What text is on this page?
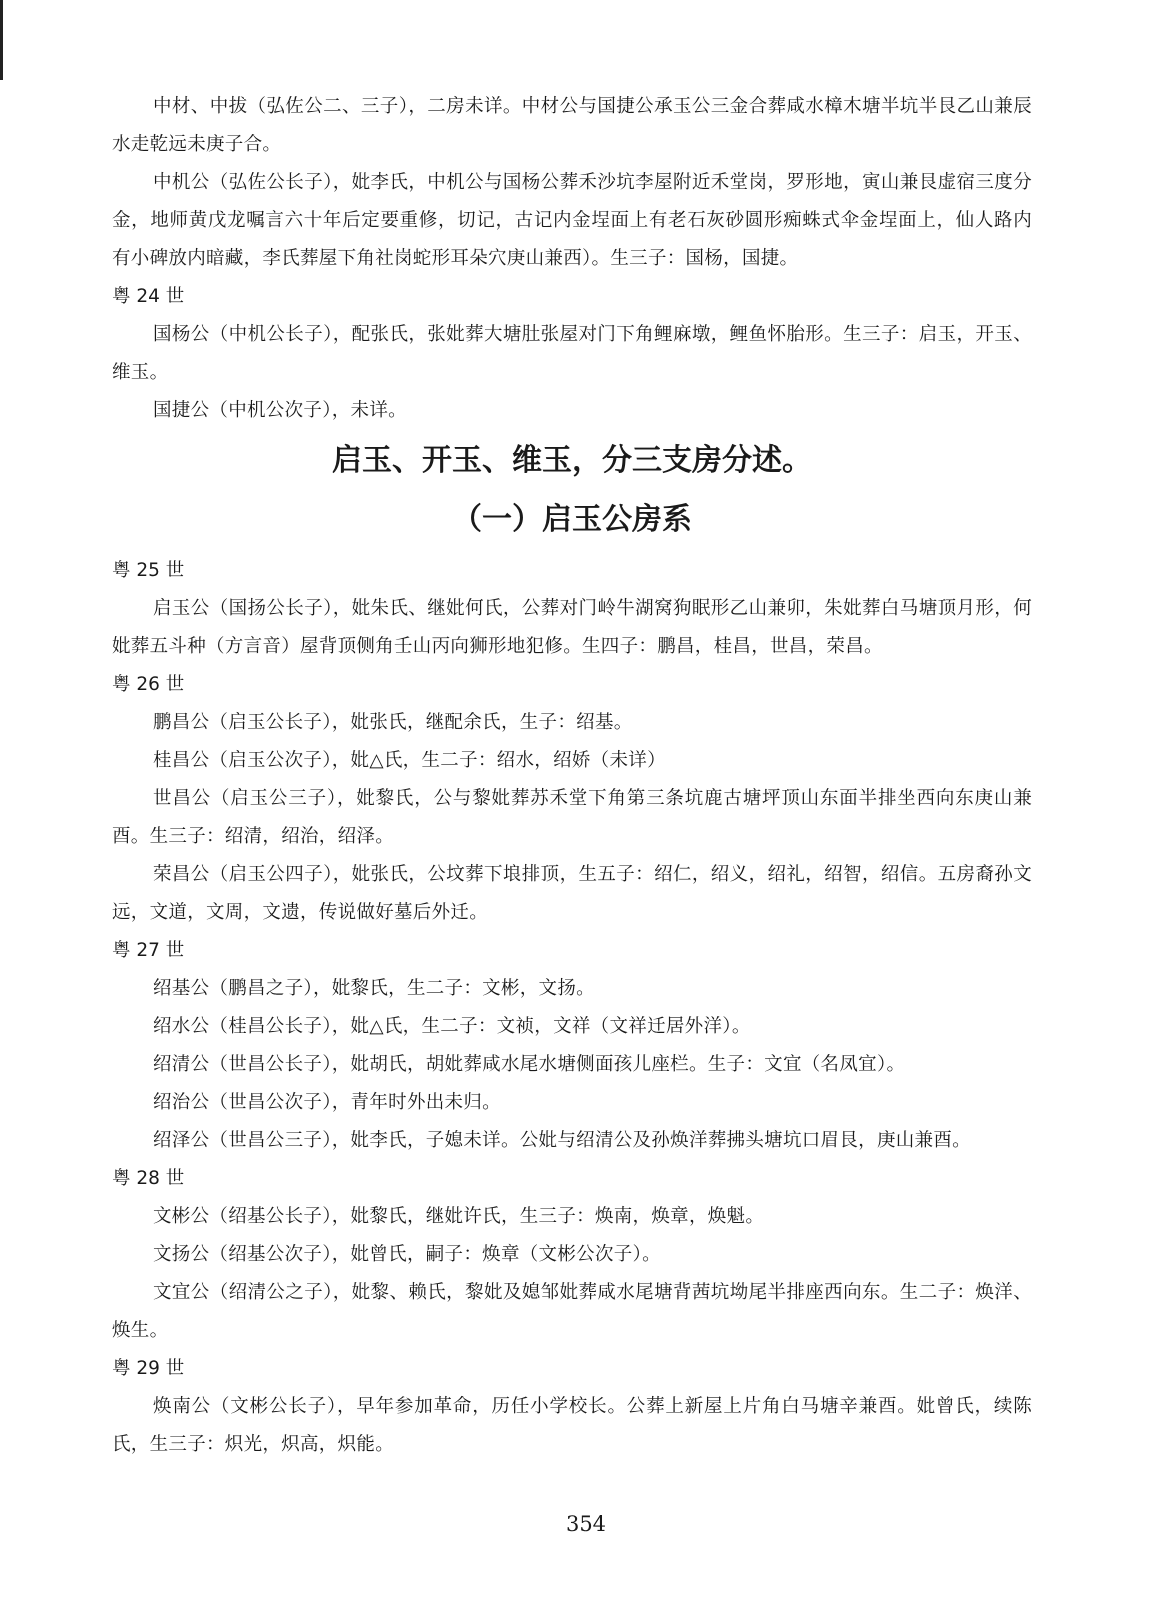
中材、中拔（弘佐公二、三子），二房未详。中材公与国捷公承玉公三金合葬咸水樟木塘半坑半艮乙山兼辰水走乾远未庚子合。

中机公（弘佐公长子），妣李氏，中机公与国杨公葬禾沙坑李屋附近禾堂岗，罗形地，寅山兼艮虚宿三度分金，地师黄戊龙嘱言六十年后定要重修，切记，古记内金埕面上有老石灰砂圆形痴蛛式伞金埕面上，仙人路内有小碑放内暗藏，李氏葬屋下角社岗蛇形耳朵穴庚山兼西）。生三子：国杨，国捷。

粤 24 世

国杨公（中机公长子），配张氏，张妣葬大塘肚张屋对门下角鲤麻墩，鲤鱼怀胎形。生三子：启玉，开玉、维玉。

国捷公（中机公次子），未详。

启玉、开玉、维玉，分三支房分述。

（一）启玉公房系

粤 25 世

启玉公（国扬公长子），妣朱氏、继妣何氏，公葬对门岭牛湖窝狗眠形乙山兼卯，朱妣葬白马塘顶月形，何妣葬五斗种（方言音）屋背顶侧角壬山丙向狮形地犯修。生四子：鹏昌，桂昌，世昌，荣昌。

粤 26 世

鹏昌公（启玉公长子），妣张氏，继配余氏，生子：绍基。

桂昌公（启玉公次子），妣△氏，生二子：绍水，绍娇（未详）

世昌公（启玉公三子），妣黎氏，公与黎妣葬苏禾堂下角第三条坑鹿古塘坪顶山东面半排坐西向东庚山兼酉。生三子：绍清，绍治，绍泽。

荣昌公（启玉公四子），妣张氏，公坟葬下埌排顶，生五子：绍仁，绍义，绍礼，绍智，绍信。五房裔孙文远，文道，文周，文遗，传说做好墓后外迁。

粤 27 世

绍基公（鹏昌之子），妣黎氏，生二子：文彬，文扬。

绍水公（桂昌公长子），妣△氏，生二子：文祯，文祥（文祥迁居外洋）。

绍清公（世昌公长子），妣胡氏，胡妣葬咸水尾水塘侧面孩儿座栏。生子：文宜（名凤宜）。

绍治公（世昌公次子），青年时外出未归。

绍泽公（世昌公三子），妣李氏，子媳未详。公妣与绍清公及孙焕洋葬拂头塘坑口眉艮，庚山兼酉。

粤 28 世

文彬公（绍基公长子），妣黎氏，继妣许氏，生三子：焕南，焕章，焕魁。

文扬公（绍基公次子），妣曾氏，嗣子：焕章（文彬公次子）。

文宜公（绍清公之子），妣黎、赖氏，黎妣及媳邹妣葬咸水尾塘背茜坑坳尾半排座西向东。生二子：焕洋、焕生。

粤 29 世

焕南公（文彬公长子），早年参加革命，历任小学校长。公葬上新屋上片角白马塘辛兼酉。妣曾氏，续陈氏，生三子：炽光，炽高，炽能。

354
